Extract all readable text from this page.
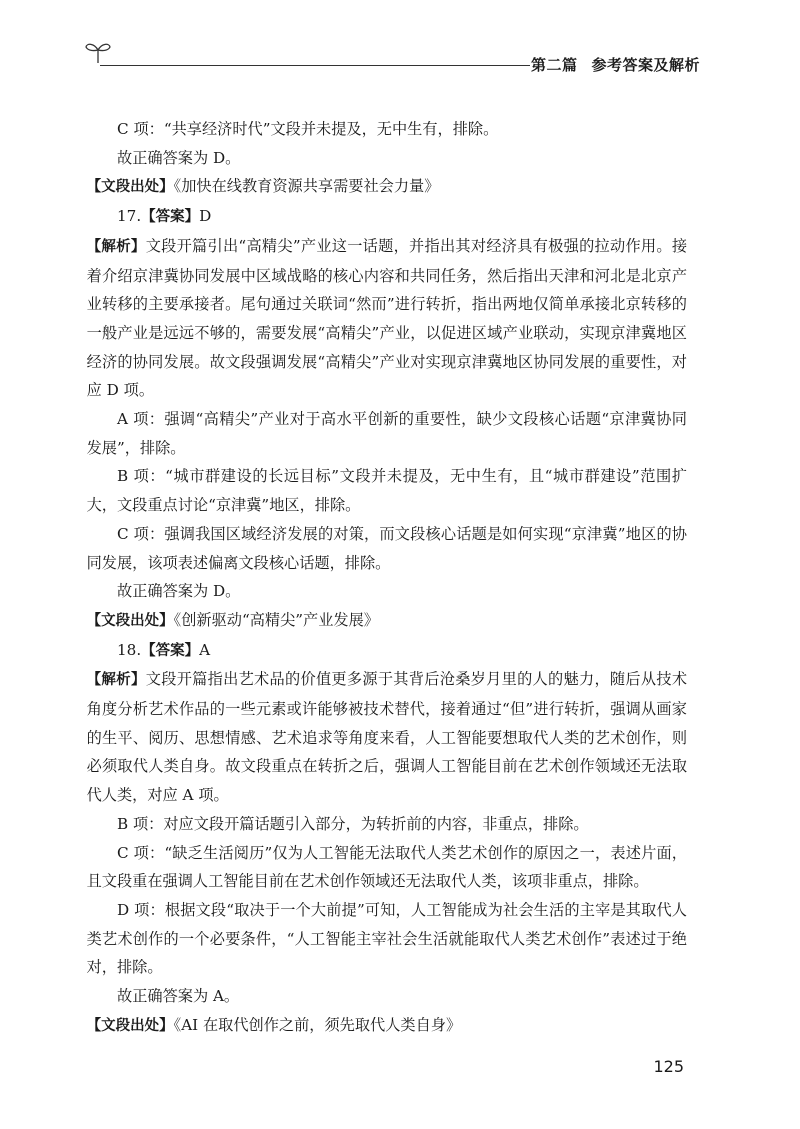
第二篇 参考答案及解析

C 项：“共享经济时代”文段并未提及，无中生有，排除。

故正确答案为 D。

【文段出处】《加快在线教育资源共享需要社会力量》

17.【答案】D

【解析】文段开篇引出“高精尖”产业这一话题，并指出其对经济具有极强的拉动作用。接着介绍京津冀协同发展中区域战略的核心内容和共同任务，然后指出天津和河北是北京产业转移的主要承接者。尾句通过关联词“然而”进行转折，指出两地仅简单承接北京转移的一般产业是远远不够的，需要发展“高精尖”产业，以促进区域产业联动，实现京津冀地区经济的协同发展。故文段强调发展“高精尖”产业对实现京津冀地区协同发展的重要性，对应 D 项。

A 项：强调“高精尖”产业对于高水平创新的重要性，缺少文段核心话题“京津冀协同发展”，排除。

B 项：“城市群建设的长远目标”文段并未提及，无中生有，且“城市群建设”范围扩大，文段重点讨论“京津冀”地区，排除。

C 项：强调我国区域经济发展的对策，而文段核心话题是如何实现“京津冀”地区的协同发展，该项表述偏离文段核心话题，排除。

故正确答案为 D。

【文段出处】《创新驱动“高精尖”产业发展》

18.【答案】A

【解析】文段开篇指出艺术品的价值更多源于其背后沧桑岁月里的人的魅力，随后从技术角度分析艺术作品的一些元素或许能够被技术替代，接着通过“但”进行转折，强调从画家的生平、阅历、思想情感、艺术追求等角度来看，人工智能要想取代人类的艺术创作，则必须取代人类自身。故文段重点在转折之后，强调人工智能目前在艺术创作领域还无法取代人类，对应 A 项。

B 项：对应文段开篇话题引入部分，为转折前的内容，非重点，排除。

C 项：“缺乏生活阅历”仅为人工智能无法取代人类艺术创作的原因之一，表述片面，且文段重在强调人工智能目前在艺术创作领域还无法取代人类，该项非重点，排除。

D 项：根据文段“取决于一个大前提”可知，人工智能成为社会生活的主宰是其取代人类艺术创作的一个必要条件，“人工智能主宰社会生活就能取代人类艺术创作”表述过于绝对，排除。

故正确答案为 A。

【文段出处】《AI 在取代创作之前，须先取代人类自身》

125
